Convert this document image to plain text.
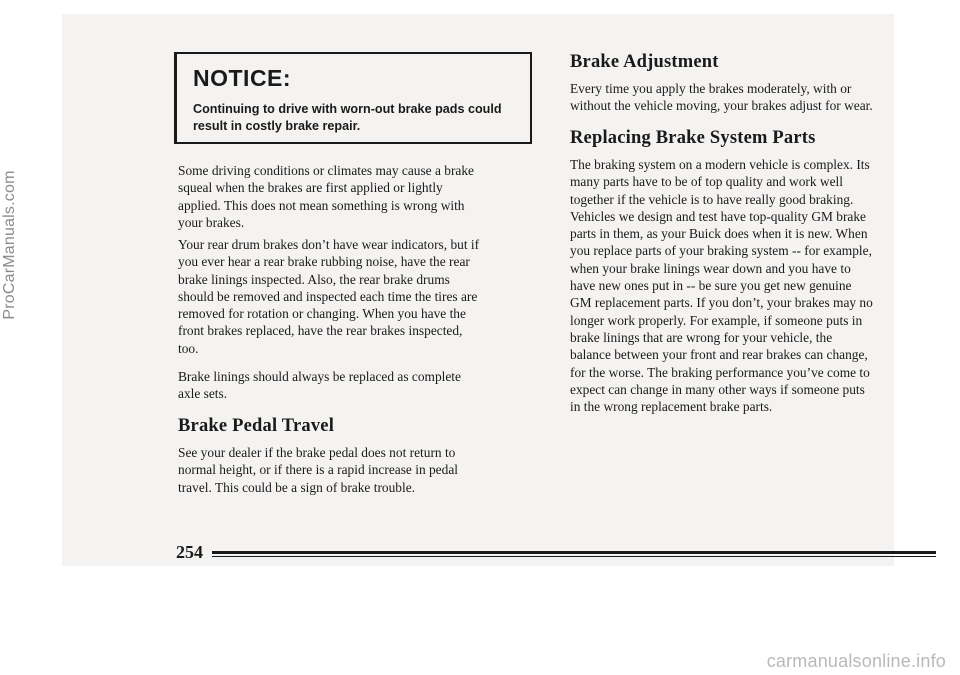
NOTICE:
Continuing to drive with worn-out brake pads could result in costly brake repair.

Some driving conditions or climates may cause a brake
squeal when the brakes are first applied or lightly
applied. This does not mean something is wrong with
your brakes.

Your rear drum brakes don’t have wear indicators, but if
you ever hear a rear brake rubbing noise, have the rear
brake linings inspected. Also, the rear brake drums
should be removed and inspected each time the tires are
removed for rotation or changing. When you have the
front brakes replaced, have the rear brakes inspected,
too.

Brake linings should always be replaced as complete
axle sets.

Brake Pedal Travel

See your dealer if the brake pedal does not return to
normal height, or if there is a rapid increase in pedal
travel. This could be a sign of brake trouble.

Brake Adjustment

Every time you apply the brakes moderately, with or
without the vehicle moving, your brakes adjust for wear.

Replacing Brake System Parts

The braking system on a modern vehicle is complex. Its
many parts have to be of top quality and work well
together if the vehicle is to have really good braking.
Vehicles we design and test have top-quality GM brake
parts in them, as your Buick does when it is new. When
you replace parts of your braking system -- for example,
when your brake linings wear down and you have to
have new ones put in -- be sure you get new genuine
GM replacement parts. If you don’t, your brakes may no
longer work properly. For example, if someone puts in
brake linings that are wrong for your vehicle, the
balance between your front and rear brakes can change,
for the worse. The braking performance you’ve come to
expect can change in many other ways if someone puts
in the wrong replacement brake parts.

254
ProCarManuals.com
carmanualsonline.info
